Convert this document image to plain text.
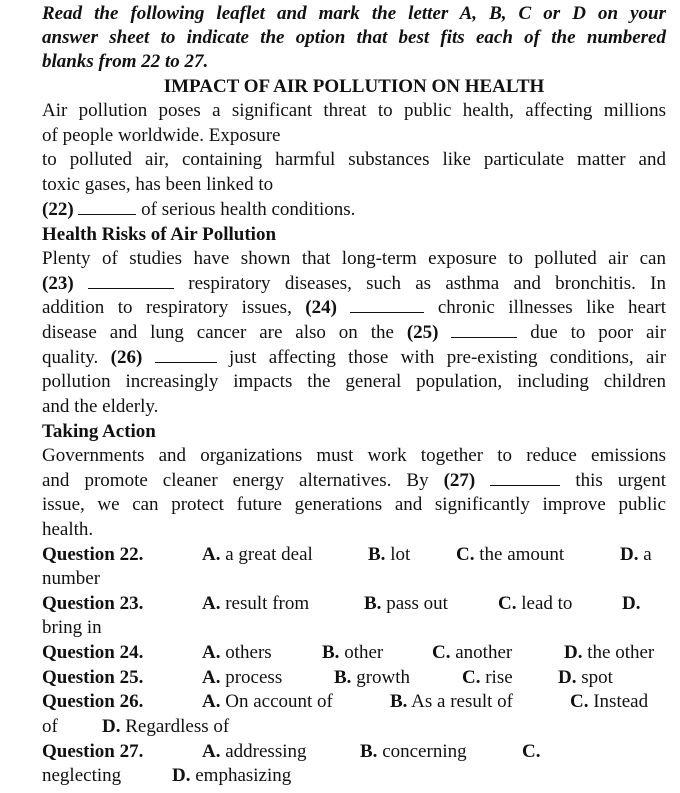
Read the following leaflet and mark the letter A, B, C or D on your
answer sheet to indicate the option that best fits each of the numbered
blanks from 22 to 27.
IMPACT OF AIR POLLUTION ON HEALTH
Air pollution poses a significant threat to public health, affecting millions
of people worldwide. Exposure
to polluted air, containing harmful substances like particulate matter and
toxic gases, has been linked to
(22)	of serious health conditions.
Health Risks of Air Pollution
Plenty of studies have shown that long-term exposure to polluted air can
(23)	respiratory diseases, such as asthma and bronchitis. In
addition to respiratory issues, (24)	chronic illnesses like heart
disease and lung cancer are also on the (25)	due to poor air
quality. (26)	just affecting those with pre-existing conditions, air
pollution increasingly impacts the general population, including children
and the elderly.
Taking Action
Governments and organizations must work together to reduce emissions
and promote cleaner energy alternatives. By (27)	this urgent
issue, we can protect future generations and significantly improve public
health.
Question 22.	A. a great deal	B. lot C. the amount	D. a
number
Question 23.	A. result from	B. pass out	C. lead to	D.
bring in
Question 24.	A. others	B. other	C. another	D. the other
Question 25.	A. process	B. growth	C. rise D. spot
Question 26.	A. On account of	B. As a result of	C. Instead
of D. Regardless of
Question 27.	A. addressing	B. concerning	C.
neglecting	D. emphasizing
